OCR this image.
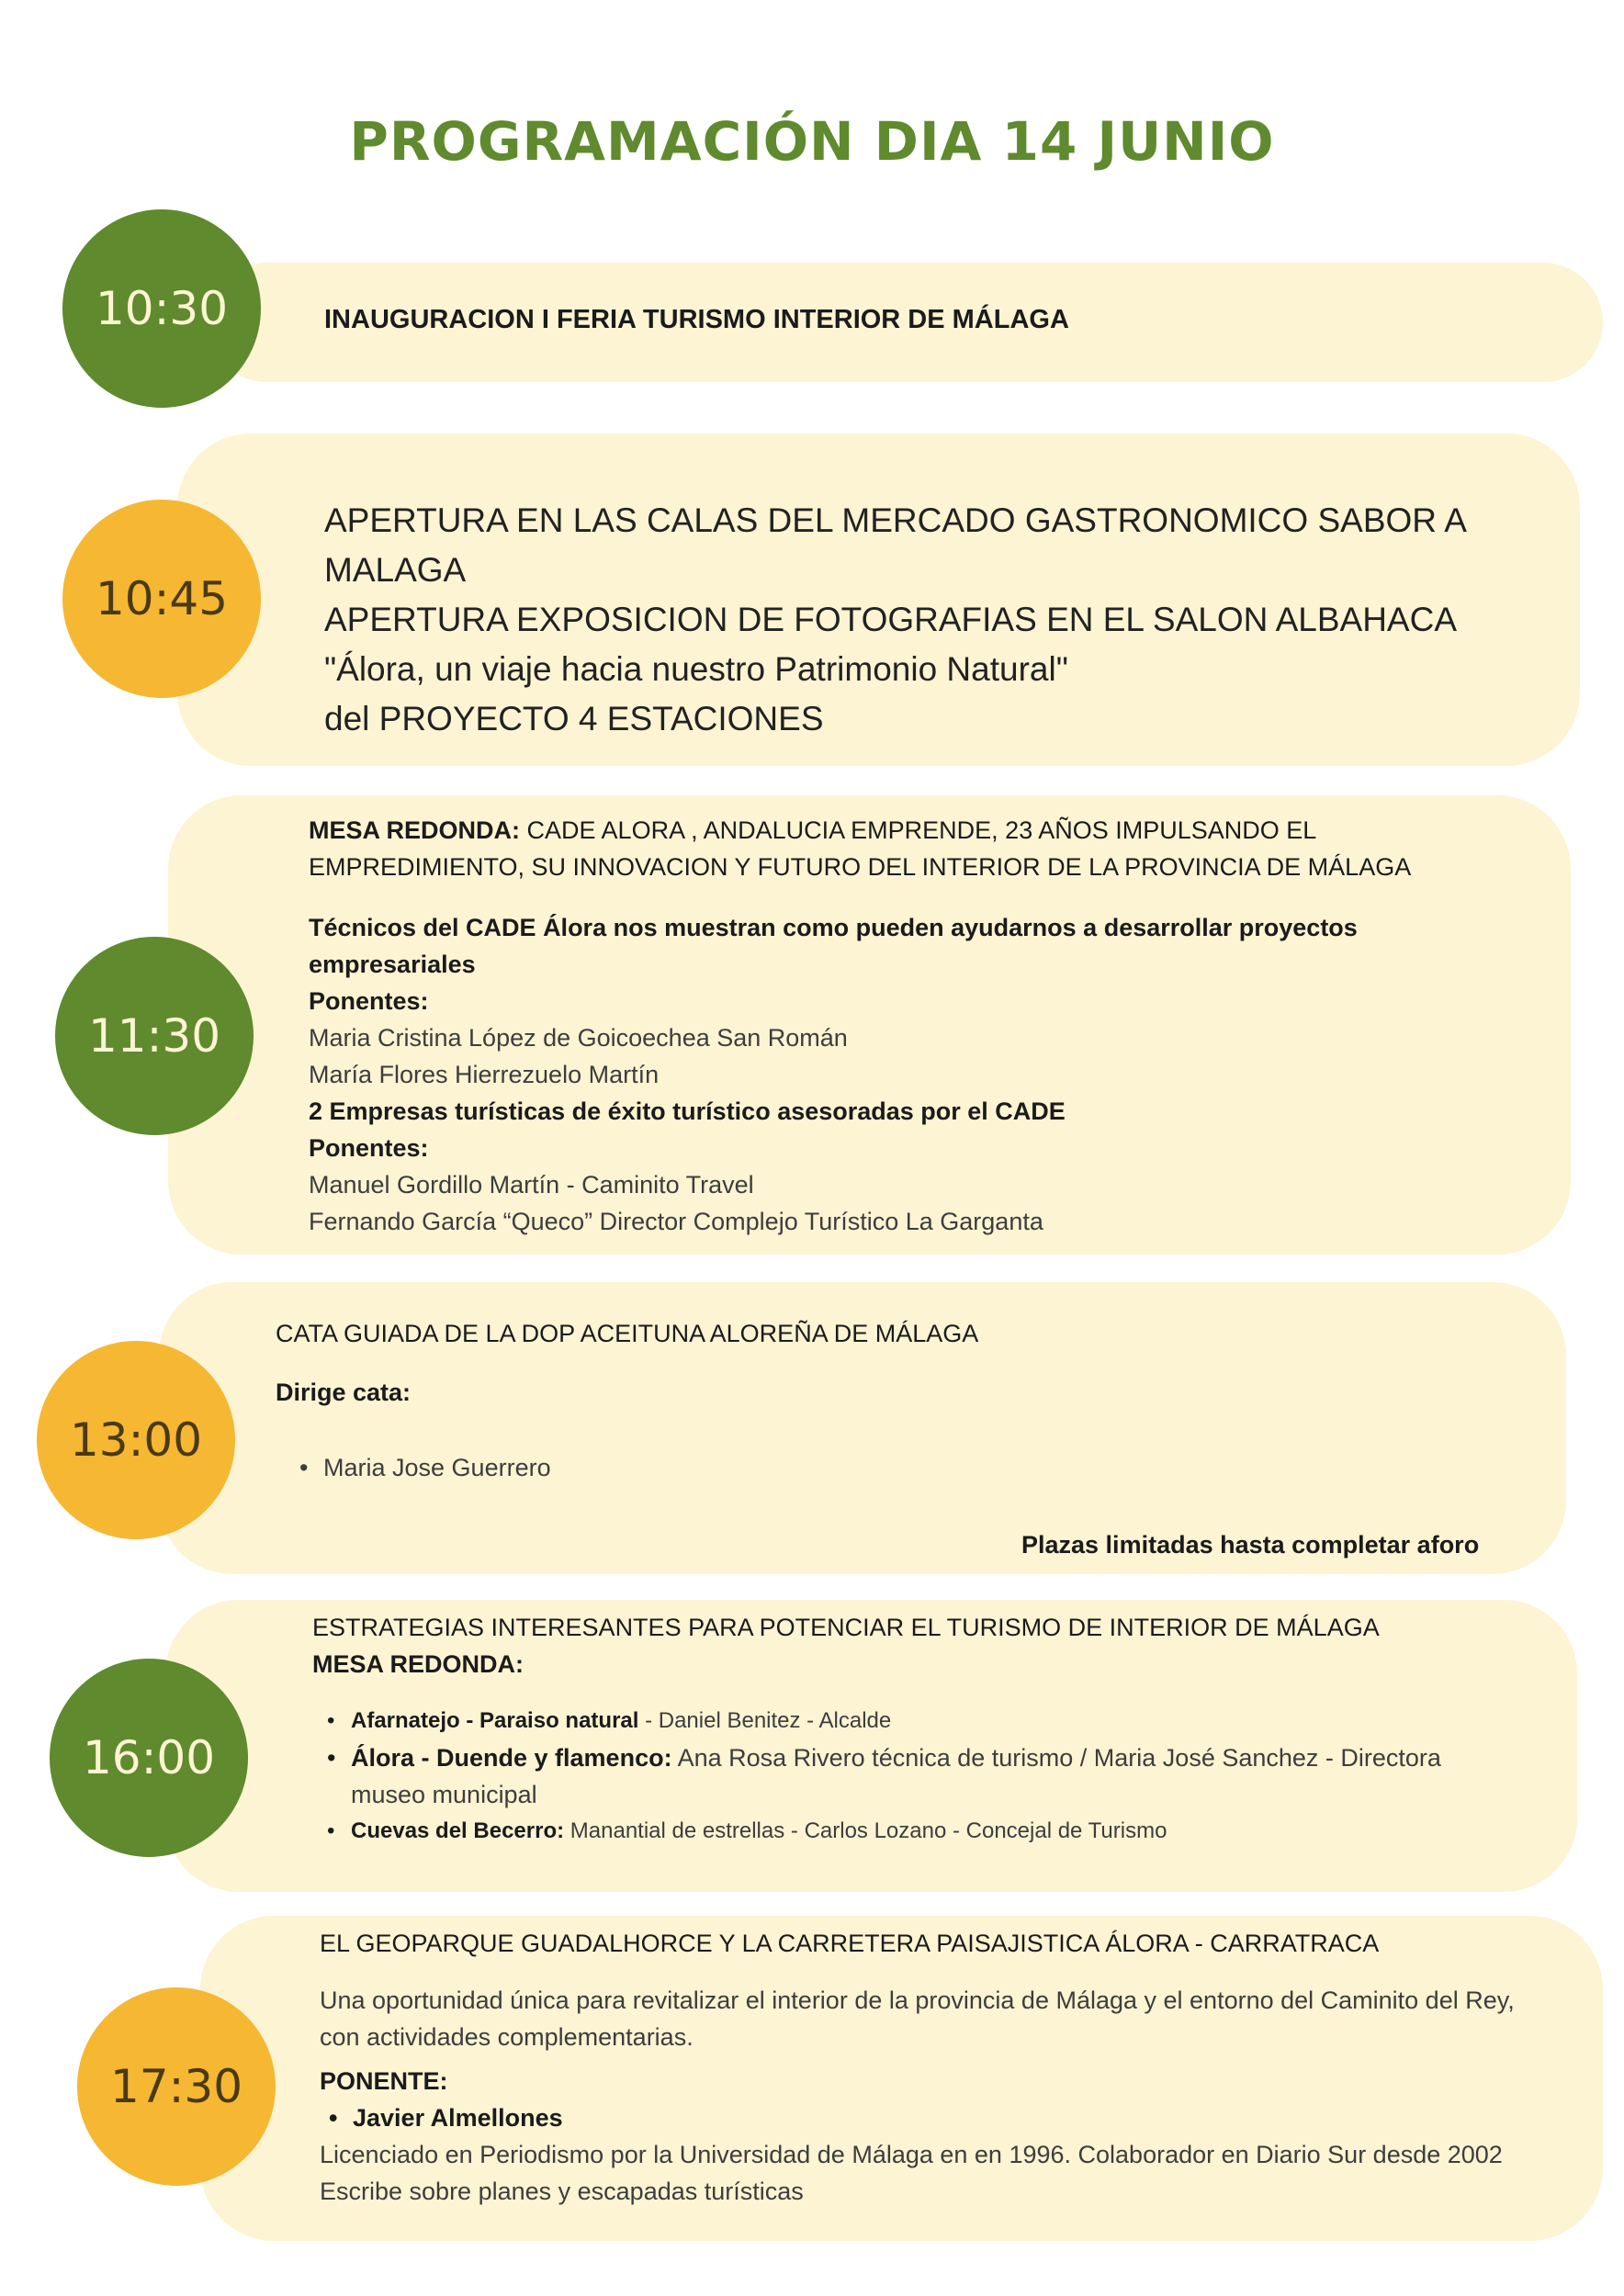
PROGRAMACIÓN DIA 14 JUNIO
10:30	INAUGURACION I FERIA TURISMO INTERIOR DE MÁLAGA
10:45
APERTURA EN LAS CALAS DEL MERCADO GASTRONOMICO SABOR A
MALAGA
APERTURA EXPOSICION DE FOTOGRAFIAS EN EL SALON ALBAHACA
"Álora, un viaje hacia nuestro Patrimonio Natural"
del PROYECTO 4 ESTACIONES
11:30
MESA REDONDA: CADE ALORA , ANDALUCIA EMPRENDE, 23 AÑOS IMPULSANDO EL
EMPREDIMIENTO, SU INNOVACION Y FUTURO DEL INTERIOR DE LA PROVINCIA DE MÁLAGA
Técnicos del CADE Álora nos muestran como pueden ayudarnos a desarrollar proyectos
empresariales
Ponentes:
Maria Cristina López de Goicoechea San Román
María Flores Hierrezuelo Martín
2 Empresas turísticas de éxito turístico asesoradas por el CADE
Ponentes:
Manuel Gordillo Martín - Caminito Travel
Fernando García “Queco” Director Complejo Turístico La Garganta
13:00
CATA GUIADA DE LA DOP ACEITUNA ALOREÑA DE MÁLAGA
Dirige cata:
• Maria Jose Guerrero
Plazas limitadas hasta completar aforo
16:00
ESTRATEGIAS INTERESANTES PARA POTENCIAR EL TURISMO DE INTERIOR DE MÁLAGA
MESA REDONDA:
• Afarnatejo - Paraiso natural - Daniel Benitez - Alcalde
• Álora - Duende y flamenco: Ana Rosa Rivero técnica de turismo / Maria José Sanchez - Directora
museo municipal
• Cuevas del Becerro: Manantial de estrellas - Carlos Lozano - Concejal de Turismo
17:30
EL GEOPARQUE GUADALHORCE Y LA CARRETERA PAISAJISTICA ÁLORA - CARRATRACA
Una oportunidad única para revitalizar el interior de la provincia de Málaga y el entorno del Caminito del Rey,
con actividades complementarias.
PONENTE:
• Javier Almellones
Licenciado en Periodismo por la Universidad de Málaga en en 1996. Colaborador en Diario Sur desde 2002
Escribe sobre planes y escapadas turísticas
